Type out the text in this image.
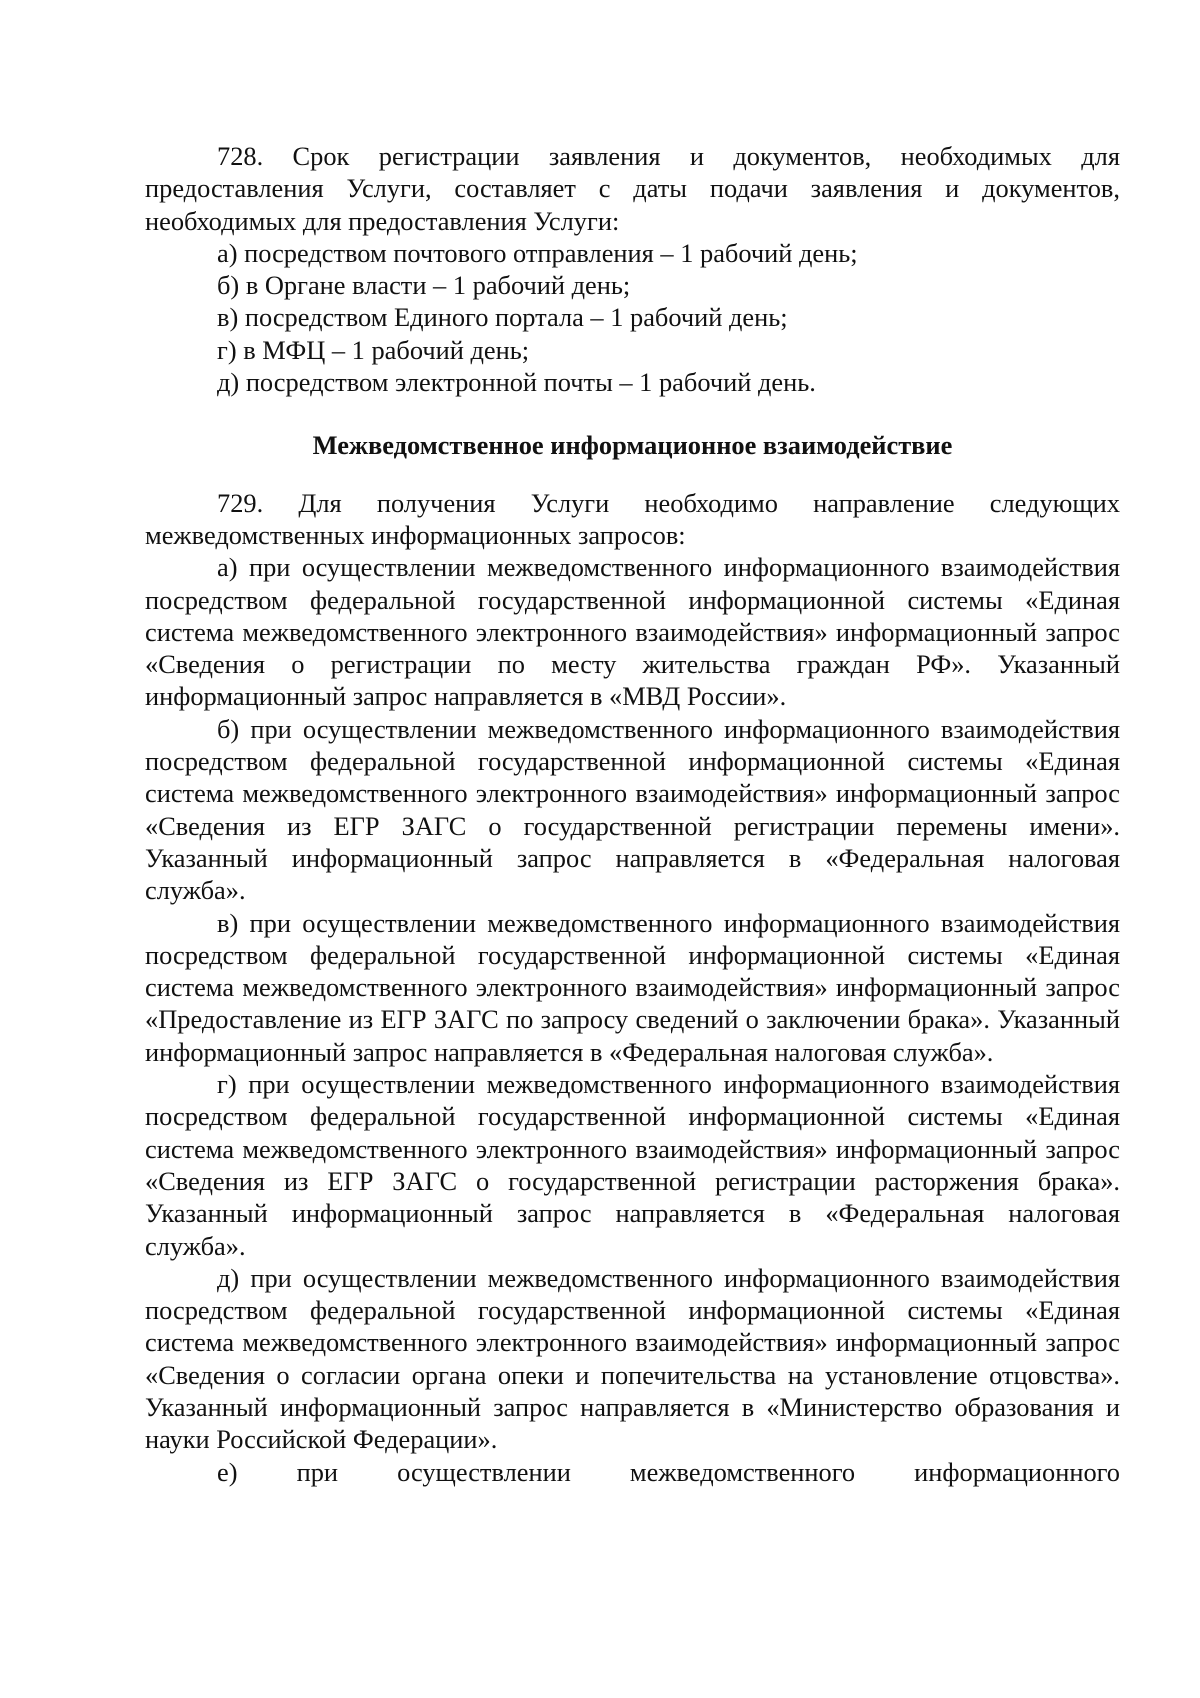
728. Срок регистрации заявления и документов, необходимых для предоставления Услуги, составляет с даты подачи заявления и документов, необходимых для предоставления Услуги:

а) посредством почтового отправления – 1 рабочий день;

б) в Органе власти – 1 рабочий день;

в) посредством Единого портала – 1 рабочий день;

г) в МФЦ – 1 рабочий день;

д) посредством электронной почты – 1 рабочий день.

Межведомственное информационное взаимодействие

729. Для получения Услуги необходимо направление следующих межведомственных информационных запросов:

а) при осуществлении межведомственного информационного взаимодействия посредством федеральной государственной информационной системы «Единая система межведомственного электронного взаимодействия» информационный запрос «Сведения о регистрации по месту жительства граждан РФ». Указанный информационный запрос направляется в «МВД России».

б) при осуществлении межведомственного информационного взаимодействия посредством федеральной государственной информационной системы «Единая система межведомственного электронного взаимодействия» информационный запрос «Сведения из ЕГР ЗАГС о государственной регистрации перемены имени». Указанный информационный запрос направляется в «Федеральная налоговая служба».

в) при осуществлении межведомственного информационного взаимодействия посредством федеральной государственной информационной системы «Единая система межведомственного электронного взаимодействия» информационный запрос «Предоставление из ЕГР ЗАГС по запросу сведений о заключении брака». Указанный информационный запрос направляется в «Федеральная налоговая служба».

г) при осуществлении межведомственного информационного взаимодействия посредством федеральной государственной информационной системы «Единая система межведомственного электронного взаимодействия» информационный запрос «Сведения из ЕГР ЗАГС о государственной регистрации расторжения брака». Указанный информационный запрос направляется в «Федеральная налоговая служба».

д) при осуществлении межведомственного информационного взаимодействия посредством федеральной государственной информационной системы «Единая система межведомственного электронного взаимодействия» информационный запрос «Сведения о согласии органа опеки и попечительства на установление отцовства». Указанный информационный запрос направляется в «Министерство образования и науки Российской Федерации».

е) при осуществлении межведомственного информационного
